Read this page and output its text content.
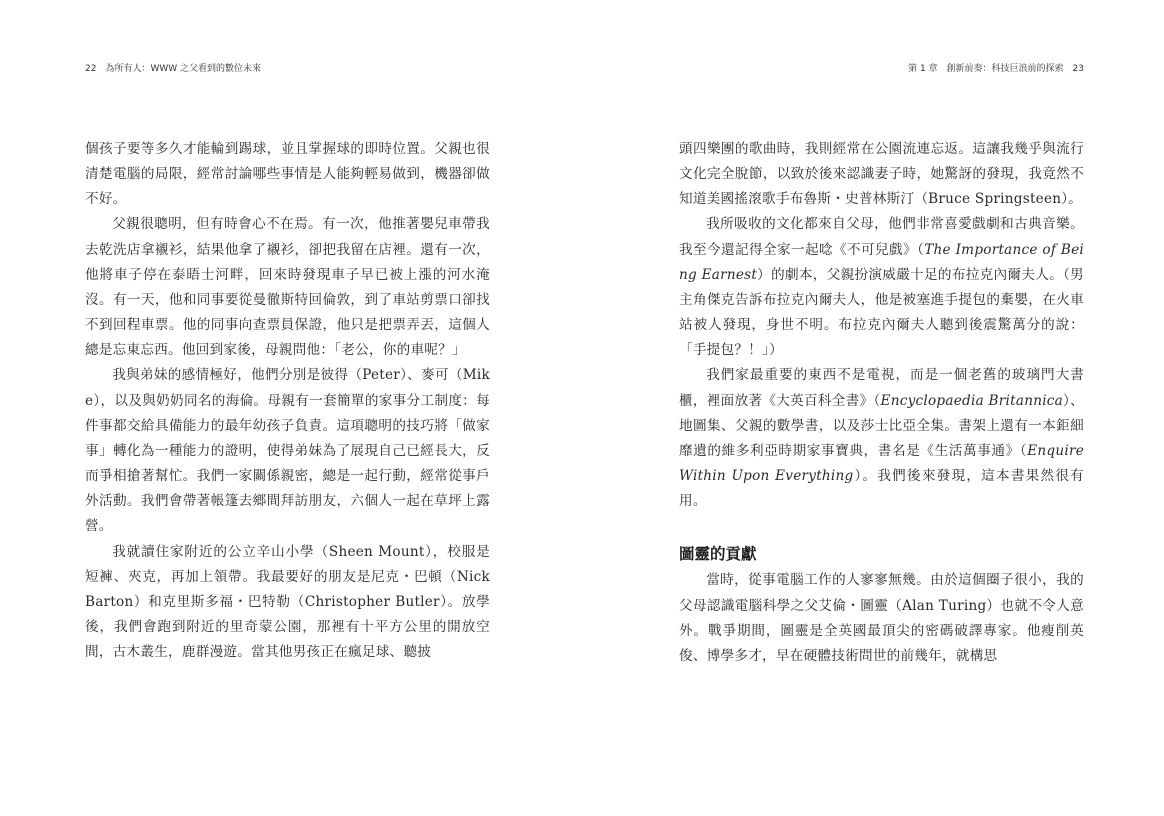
22 為所有人：WWW 之父看到的數位未來

個孩子要等多久才能輪到踢球，並且掌握球的即時位置。父親也很清楚電腦的局限，經常討論哪些事情是人能夠輕易做到，機器卻做不好。

父親很聰明，但有時會心不在焉。有一次，他推著嬰兒車帶我去乾洗店拿襯衫，結果他拿了襯衫，卻把我留在店裡。還有一次，他將車子停在泰晤士河畔，回來時發現車子早已被上漲的河水淹沒。有一天，他和同事要從曼徹斯特回倫敦，到了車站剪票口卻找不到回程車票。他的同事向查票員保證，他只是把票弄丟，這個人總是忘東忘西。他回到家後，母親問他：「老公，你的車呢？」

我與弟妹的感情極好，他們分別是彼得（Peter）、麥可（Mike），以及與奶奶同名的海倫。母親有一套簡單的家事分工制度：每件事都交給具備能力的最年幼孩子負責。這項聰明的技巧將「做家事」轉化為一種能力的證明，使得弟妹為了展現自己已經長大，反而爭相搶著幫忙。我們一家關係親密，總是一起行動，經常從事戶外活動。我們會帶著帳篷去鄉間拜訪朋友，六個人一起在草坪上露營。

我就讀住家附近的公立辛山小學（Sheen Mount），校服是短褲、夾克，再加上領帶。我最要好的朋友是尼克・巴頓（Nick Barton）和克里斯多福・巴特勒（Christopher Butler）。放學後，我們會跑到附近的里奇蒙公園，那裡有十平方公里的開放空間，古木叢生，鹿群漫遊。當其他男孩正在瘋足球、聽披

第 1 章　創新前奏：科技巨浪前的探索 23

頭四樂團的歌曲時，我則經常在公園流連忘返。這讓我幾乎與流行文化完全脫節，以致於後來認識妻子時，她驚訝的發現，我竟然不知道美國搖滾歌手布魯斯・史普林斯汀（Bruce Springsteen）。

我所吸收的文化都來自父母，他們非常喜愛戲劇和古典音樂。我至今還記得全家一起唸《不可兒戲》（The Importance of Being Earnest）的劇本，父親扮演威嚴十足的布拉克內爾夫人。（男主角傑克告訴布拉克內爾夫人，他是被塞進手提包的棄嬰，在火車站被人發現，身世不明。布拉克內爾夫人聽到後震驚萬分的說：「手提包？！」）

我們家最重要的東西不是電視，而是一個老舊的玻璃門大書櫃，裡面放著《大英百科全書》（Encyclopaedia Britannica）、地圖集、父親的數學書，以及莎士比亞全集。書架上還有一本鉅細靡遺的維多利亞時期家事寶典，書名是《生活萬事通》（Enquire Within Upon Everything）。我們後來發現，這本書果然很有用。

圖靈的貢獻

當時，從事電腦工作的人寥寥無幾。由於這個圈子很小，我的父母認識電腦科學之父艾倫・圖靈（Alan Turing）也就不令人意外。戰爭期間，圖靈是全英國最頂尖的密碼破譯專家。他瘦削英俊、博學多才，早在硬體技術問世的前幾年，就構思
